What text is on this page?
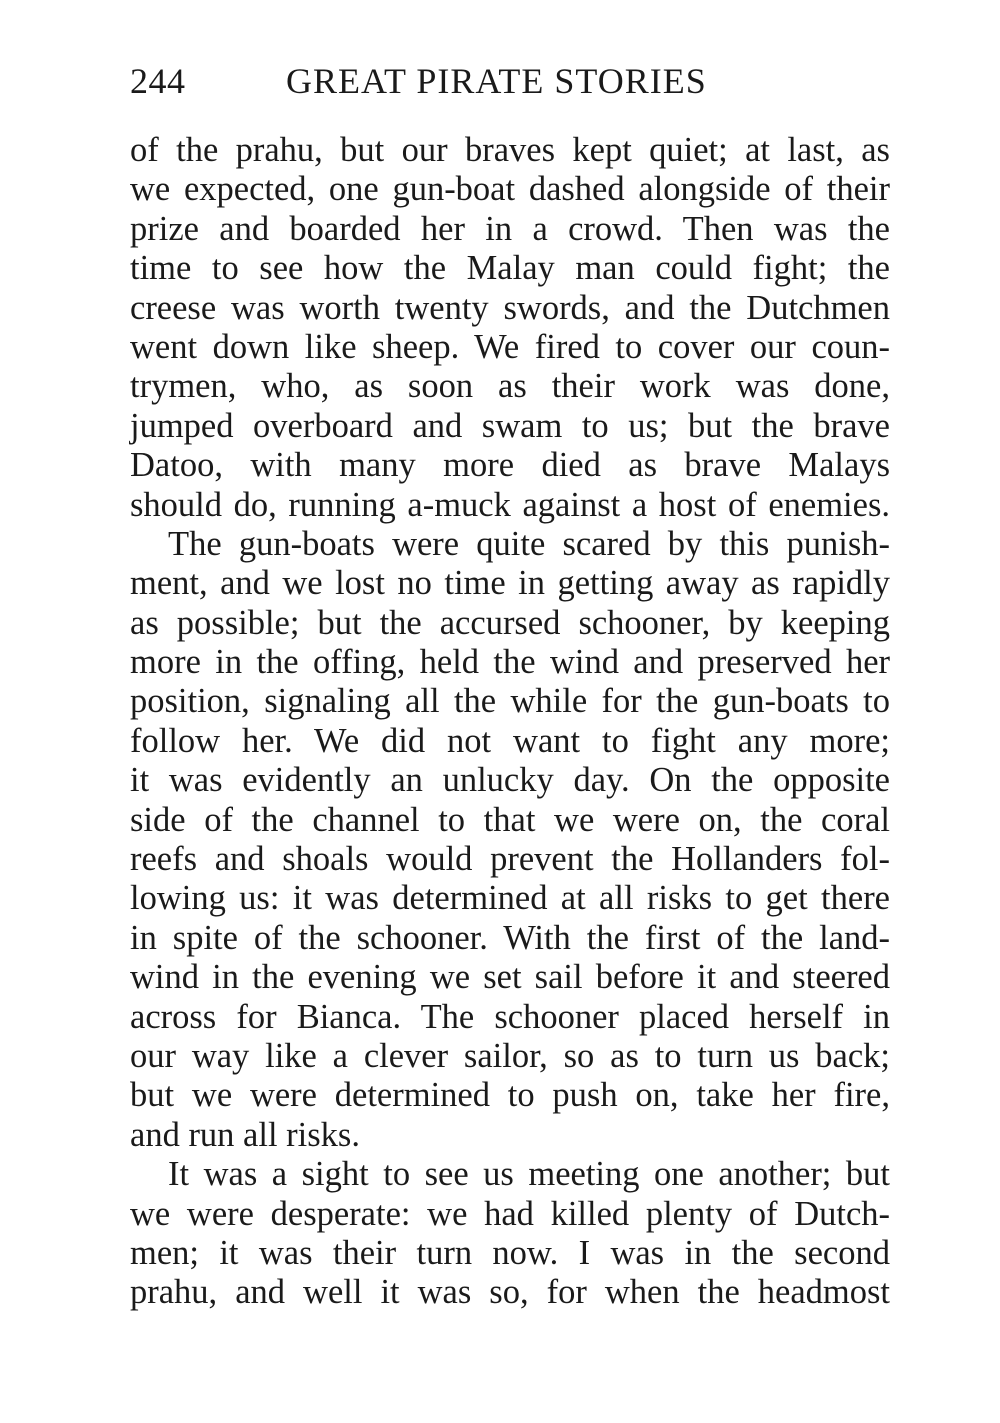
244	GREAT PIRATE STORIES
of the prahu, but our braves kept quiet; at last, as
we expected, one gun-boat dashed alongside of their
prize and boarded her in a crowd. Then was the
time to see how the Malay man could fight; the
creese was worth twenty swords, and the Dutchmen
went down like sheep. We fired to cover our coun-
trymen, who, as soon as their work was done,
jumped overboard and swam to us; but the brave
Datoo, with many more died as brave Malays
should do, running a-muck against a host of enemies.
The gun-boats were quite scared by this punish-
ment, and we lost no time in getting away as rapidly
as possible; but the accursed schooner, by keeping
more in the offing, held the wind and preserved her
position, signaling all the while for the gun-boats to
follow her. We did not want to fight any more;
it was evidently an unlucky day. On the opposite
side of the channel to that we were on, the coral
reefs and shoals would prevent the Hollanders fol-
lowing us: it was determined at all risks to get there
in spite of the schooner. With the first of the land-
wind in the evening we set sail before it and steered
across for Bianca. The schooner placed herself in
our way like a clever sailor, so as to turn us back;
but we were determined to push on, take her fire,
and run all risks.
It was a sight to see us meeting one another; but
we were desperate: we had killed plenty of Dutch-
men; it was their turn now. I was in the second
prahu, and well it was so, for when the headmost
